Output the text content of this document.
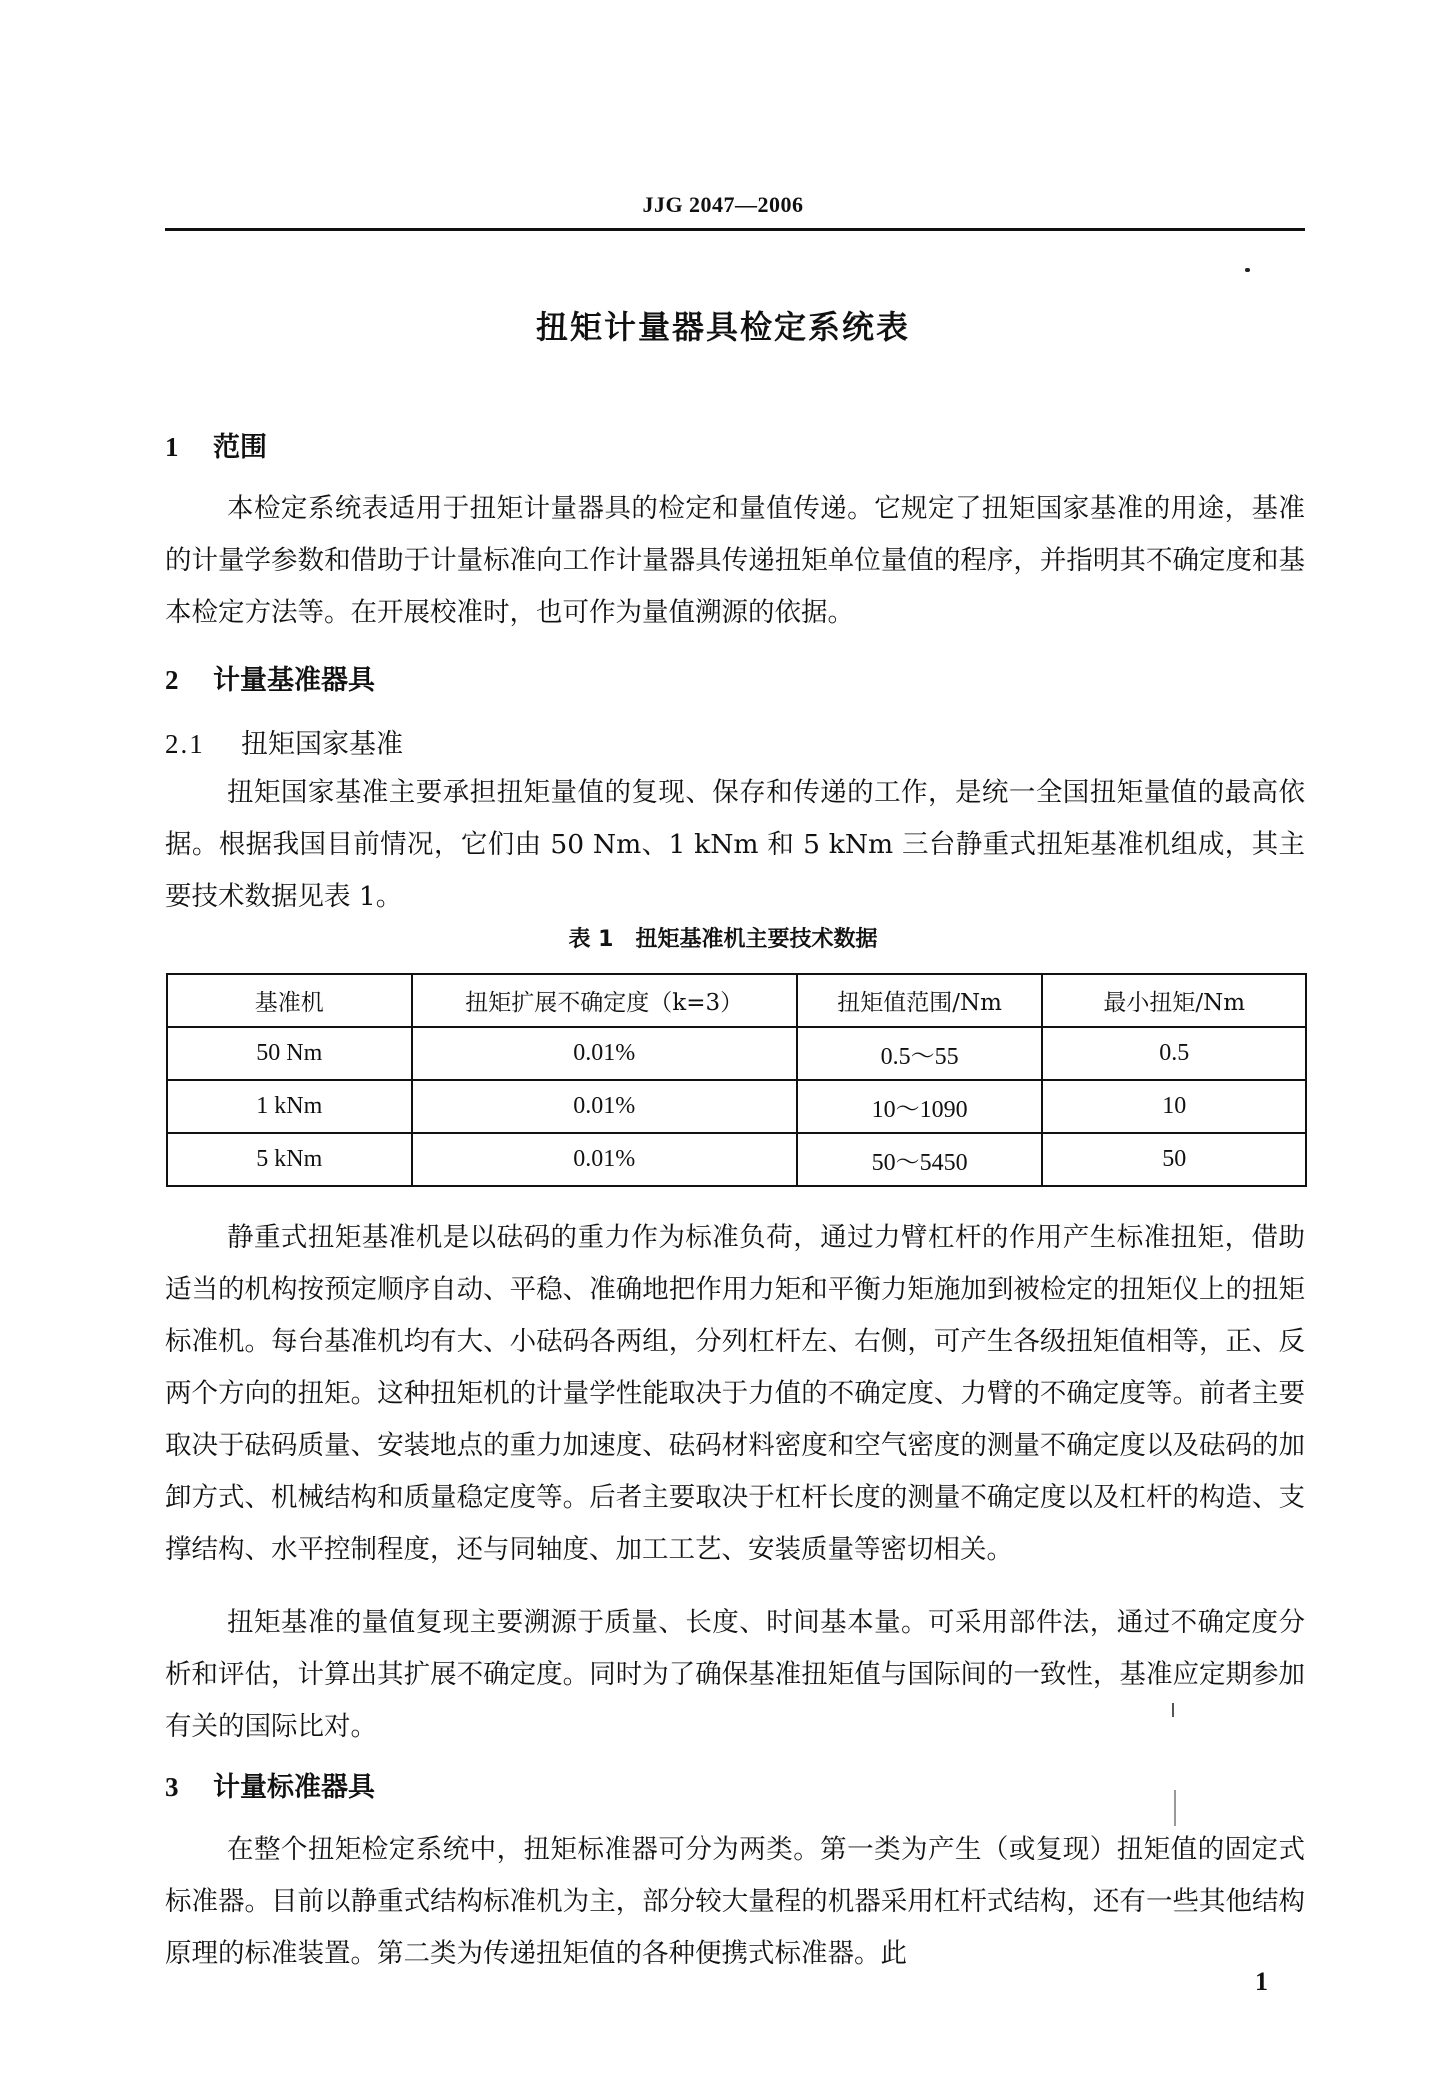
JJG 2047—2006
扭矩计量器具检定系统表
1 范围

本检定系统表适用于扭矩计量器具的检定和量值传递。它规定了扭矩国家基准的用途，基准的计量学参数和借助于计量标准向工作计量器具传递扭矩单位量值的程序，并指明其不确定度和基本检定方法等。在开展校准时，也可作为量值溯源的依据。

2 计量基准器具
2.1 扭矩国家基准

扭矩国家基准主要承担扭矩量值的复现、保存和传递的工作，是统一全国扭矩量值的最高依据。根据我国目前情况，它们由 50 Nm、1 kNm 和 5 kNm 三台静重式扭矩基准机组成，其主要技术数据见表 1。

表 1 扭矩基准机主要技术数据
基准机	扭矩扩展不确定度（k=3）	扭矩值范围/Nm	最小扭矩/Nm
50 Nm	0.01%	0.5～55	0.5
1 kNm	0.01%	10～1090	10
5 kNm	0.01%	50～5450	50

静重式扭矩基准机是以砝码的重力作为标准负荷，通过力臂杠杆的作用产生标准扭矩，借助适当的机构按预定顺序自动、平稳、准确地把作用力矩和平衡力矩施加到被检定的扭矩仪上的扭矩标准机。每台基准机均有大、小砝码各两组，分列杠杆左、右侧，可产生各级扭矩值相等，正、反两个方向的扭矩。这种扭矩机的计量学性能取决于力值的不确定度、力臂的不确定度等。前者主要取决于砝码质量、安装地点的重力加速度、砝码材料密度和空气密度的测量不确定度以及砝码的加卸方式、机械结构和质量稳定度等。后者主要取决于杠杆长度的测量不确定度以及杠杆的构造、支撑结构、水平控制程度，还与同轴度、加工工艺、安装质量等密切相关。

扭矩基准的量值复现主要溯源于质量、长度、时间基本量。可采用部件法，通过不确定度分析和评估，计算出其扩展不确定度。同时为了确保基准扭矩值与国际间的一致性，基准应定期参加有关的国际比对。

3 计量标准器具

在整个扭矩检定系统中，扭矩标准器可分为两类。第一类为产生（或复现）扭矩值的固定式标准器。目前以静重式结构标准机为主，部分较大量程的机器采用杠杆式结构，还有一些其他结构原理的标准装置。第二类为传递扭矩值的各种便携式标准器。此

1
